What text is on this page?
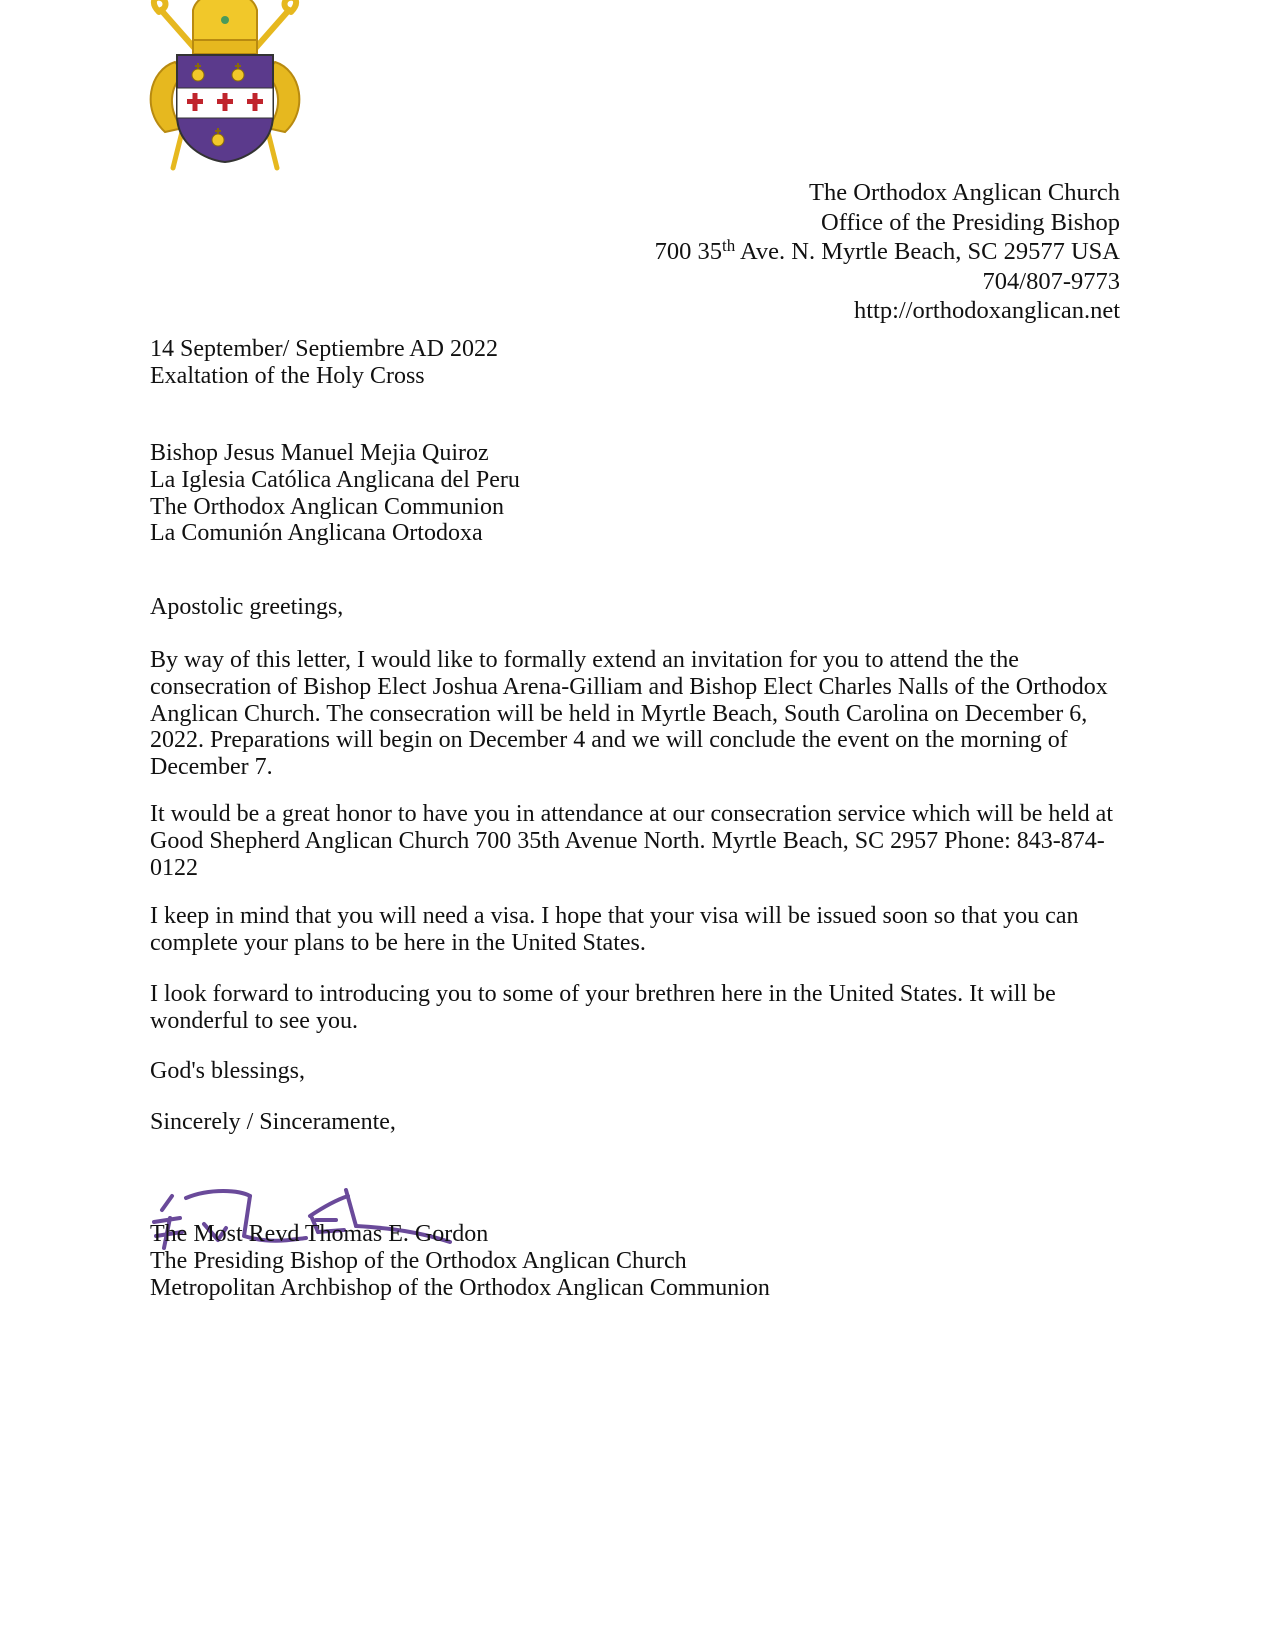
The Orthodox Anglican Church
Office of the Presiding Bishop
700 35th Ave. N. Myrtle Beach, SC 29577 USA
704/807-9773
http://orthodoxanglican.net

14 September/ Septiembre AD 2022

Exaltation of the Holy Cross

Bishop Jesus Manuel Mejia Quiroz

La Iglesia Católica Anglicana del Peru

The Orthodox Anglican Communion

La Comunión Anglicana Ortodoxa

Apostolic greetings,
By way of this letter, I would like to formally extend an invitation for you to attend the the consecration of Bishop Elect Joshua Arena-Gilliam and Bishop Elect Charles Nalls of the Orthodox Anglican Church. The consecration will be held in Myrtle Beach, South Carolina on December 6, 2022. Preparations will begin on December 4 and we will conclude the event on the morning of December 7.
It would be a great honor to have you in attendance at our consecration service which will be held at Good Shepherd Anglican Church 700 35th Avenue North. Myrtle Beach, SC 2957 Phone: 843-874-0122
I keep in mind that you will need a visa. I hope that your visa will be issued soon so that you can complete your plans to be here in the United States.
I look forward to introducing you to some of your brethren here in the United States. It will be wonderful to see you.
God's blessings,
Sincerely / Sinceramente,

The Most Revd Thomas E. Gordon

The Presiding Bishop of the Orthodox Anglican Church

Metropolitan Archbishop of the Orthodox Anglican Communion
